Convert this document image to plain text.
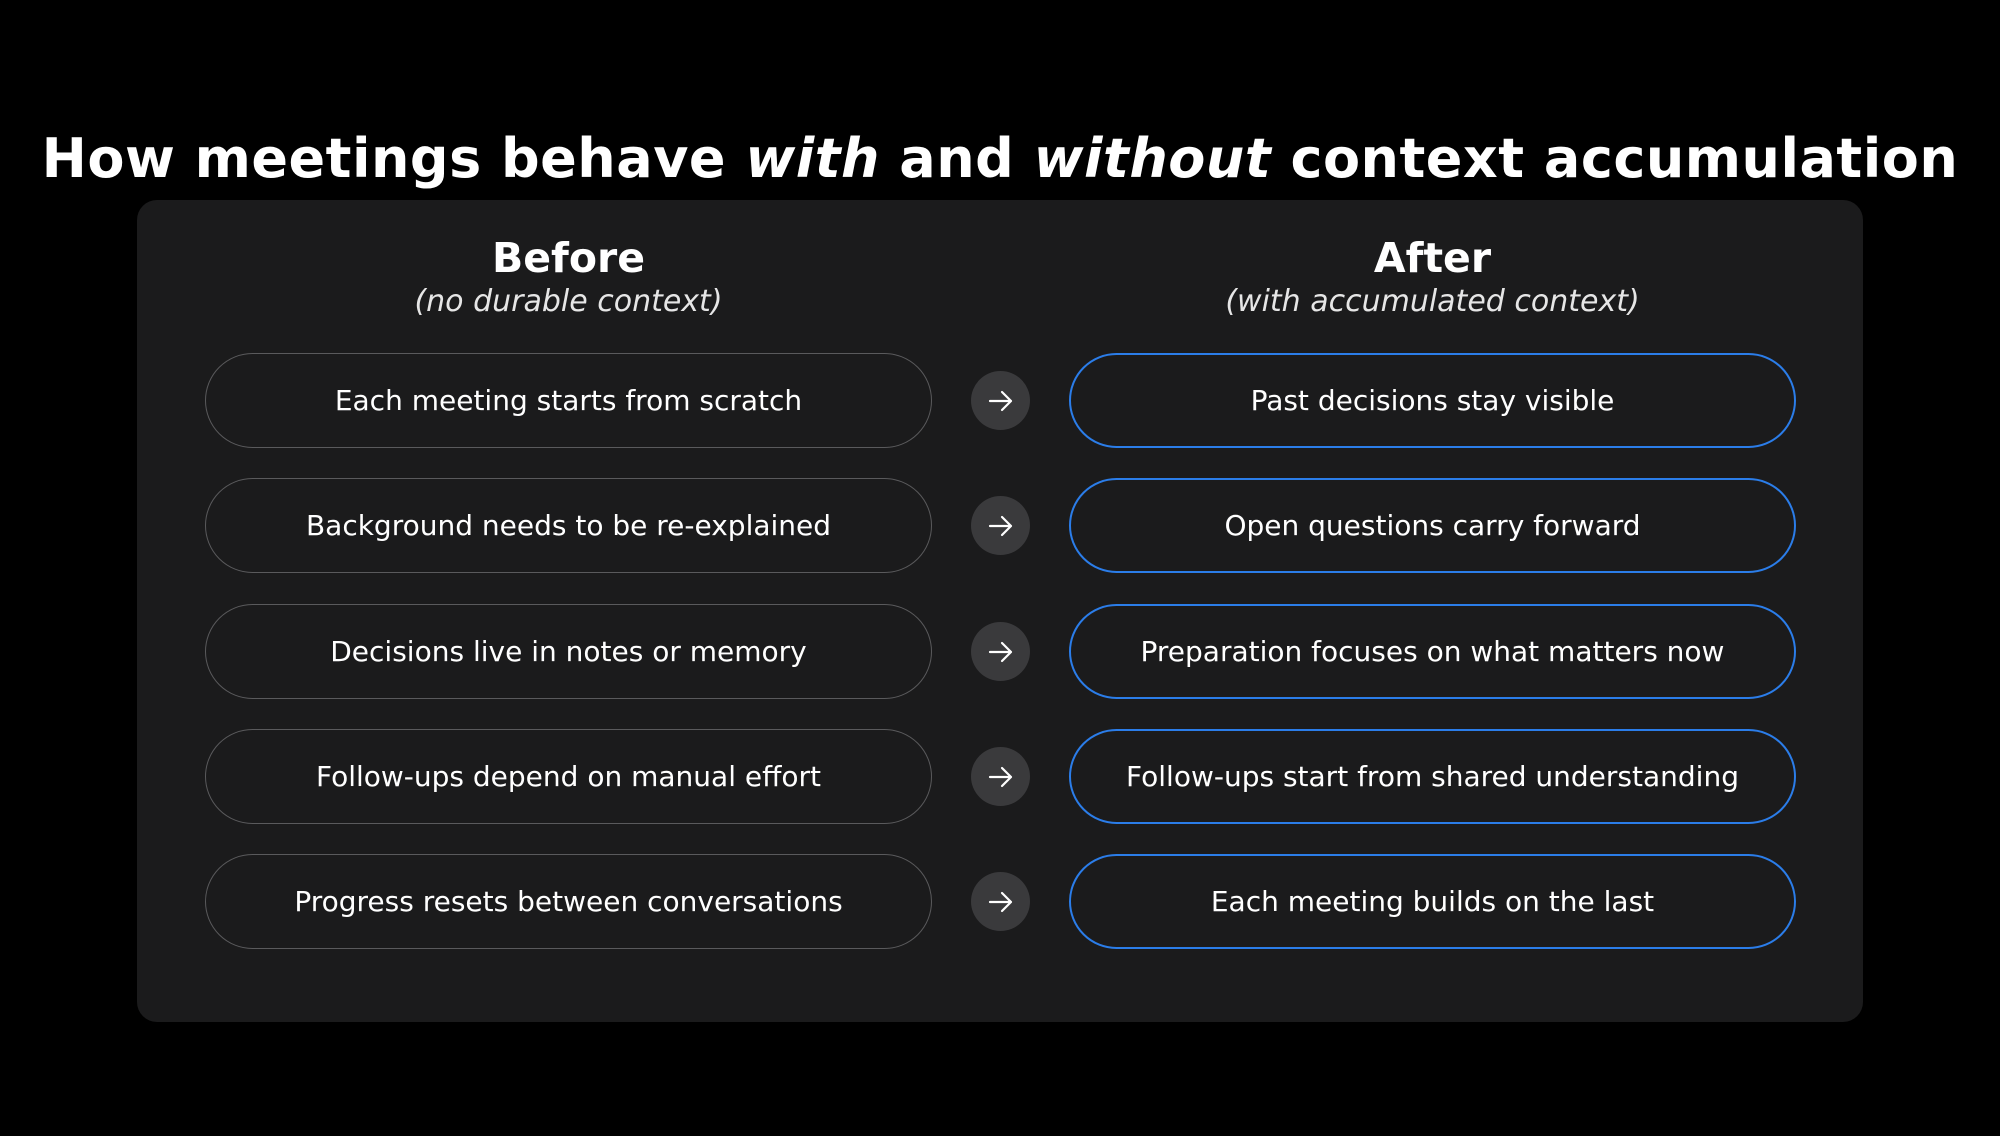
How meetings behave with and without context accumulation
Before
(no durable context)
After
(with accumulated context)
Each meeting starts from scratch	Past decisions stay visible
Background needs to be re-explained	Open questions carry forward
Decisions live in notes or memory	Preparation focuses on what matters now
Follow-ups depend on manual effort	Follow-ups start from shared understanding
Progress resets between conversations	Each meeting builds on the last
